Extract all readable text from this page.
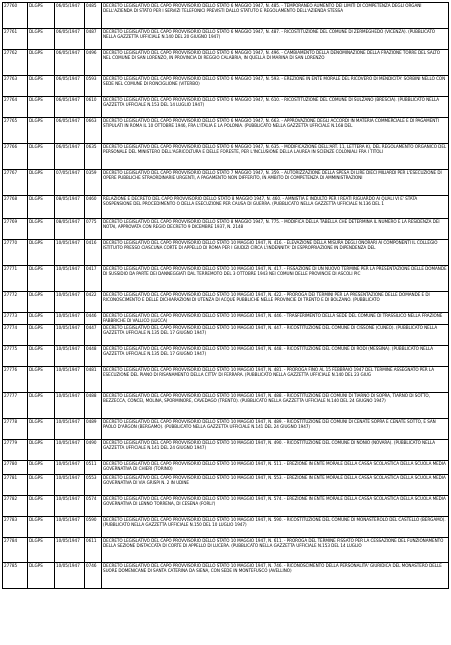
27760	DLGPS	06/05/1947	0485	DECRETO LEGISLATIVO DEL CAPO PROVVISORIO DELLO STATO 6 MAGGIO 1947, N. 485. - TEMPORANEO AUMENTO DEI LIMITI DI COMPETENZA DEGLI ORGANI DELL'AZIENDA DI STATO PER I SERVIZI TELEFONICI PREVISTI DALLO STATUTO E REGOLAMENTO DELL'AZIENDA STESSA
27761	DLGPS	06/05/1947	0487	DECRETO LEGISLATIVO DEL CAPO PROVVISORIO DELLO STATO 6 MAGGIO 1947, N. 487. - RICOSTITUZIONE DEL COMUNE DI ZERMEGHEDO (VICENZA). (PUBBLICATO NELLA GAZZETTA UFFICIALE N.140 DEL 20 GIUGNO 1947)
27762	DLGPS	06/05/1947	0496	DECRETO LEGISLATIVO DEL CAPO PROVVISORIO DELLO STATO 6 MAGGIO 1947, N. 496. - CAMBIAMENTO DELLA DENOMINAZIONE DELLA FRAZIONE TORRE DEL SALTO NEL COMUNE DI SAN LORENZO, IN PROVINCIA DI REGGIO CALABRIA, IN QUELLA DI MARINA DI SAN LORENZO
27763	DLGPS	06/05/1947	0593	DECRETO LEGISLATIVO DEL CAPO PROVVISORIO DELLO STATO 6 MAGGIO 1947, N. 593. - EREZIONE IN ENTE MORALE DEL RICOVERO DI MENDICITA' SORBINI NELLO CON SEDE NEL COMUNE DI RONCIGLIONE (VITERBO)
27764	DLGPS	06/05/1947	0610	DECRETO LEGISLATIVO DEL CAPO PROVVISORIO DELLO STATO 6 MAGGIO 1947, N. 610. - RICOSTITUZIONE DEL COMUNE DI SULZANO (BRESCIA). (PUBBLICATO NELLA GAZZETTA UFFICIALE N.153 DEL 14 LUGLIO 1947)
27765	DLGPS	06/05/1947	0663	DECRETO LEGISLATIVO DEL CAPO PROVVISORIO DELLO STATO 6 MAGGIO 1947, N. 663. - APPROVAZIONE DEGLI ACCORDI IN MATERIA COMMERCIALE E DI PAGAMENTI STIPULATI IN ROMA IL 10 OTTOBRE 1946, FRA L'ITALIA E LA POLONIA. (PUBBLICATO NELLA GAZZETTA UFFICIALE N.168 DEL
27766	DLGPS	06/05/1947	0635	DECRETO LEGISLATIVO DEL CAPO PROVVISORIO DELLO STATO 6 MAGGIO 1947, N. 635. - MODIFICAZIONE DELL'ART. 11, LETTERA K), DEL REGOLAMENTO ORGANICO DEL PERSONALE DEL MINISTERO DELL'AGRICOLTURA E DELLE FORESTE, PER L'INCLUSIONE DELLA LAUREA IN SCIENZE COLONIALI FRA I TITOLI
27767	DLGPS	07/05/1947	0359	DECRETO LEGISLATIVO DEL CAPO PROVVISORIO DELLO STATO 7 MAGGIO 1947, N. 359. - AUTORIZZAZIONE DELLA SPESA DI LIRE DIECI MILIARDI PER L'ESECUZIONE DI OPERE PUBBLICHE STRAORDINARIE URGENTI, A PAGAMENTO NON DIFFERITO, IN AMBITO DI COMPETENZA DI AMMINISTRAZIONI
27768	DLGPS	08/05/1947	0460	RELAZIONE E DECRETO DEL CAPO PROVVISORIO DELLO STATO 8 MAGGIO 1947, N. 460. - AMNISTIA E INDULTO PER I REATI RIGUARDO AI QUALI VI E' STATA SOSPENSIONE DEL PROCEDIMENTO O DELLA ESECUZIONE PER CAUSA DI GUERRA. (PUBBLICATO NELLA GAZZETTA UFFICIALE N.136 DEL 1
27769	DLGPS	08/05/1947	0775	DECRETO LEGISLATIVO DEL CAPO PROVVISORIO DELLO STATO 8 MAGGIO 1947, N. 775. - MODIFICA DELLA TABELLA CHE DETERMINA IL NUMERO E LA RESIDENZA DEI NOTAI, APPROVATA CON REGIO DECRETO 9 DICEMBRE 1937, N. 2148
27770	DLGPS	10/05/1947	0416	DECRETO LEGISLATIVO DEL CAPO PROVVISORIO DELLO STATO 10 MAGGIO 1947, N. 416. - ELEVAZIONE DELLA MISURA DEGLI ONORARI AI COMPONENTI IL COLLEGIO ISTITUITO PRESSO CIASCUNA CORTE DI APPELLO DI ROMA PER I GIUDIZI CIRCA L'INDENNITA' DI ESPROPRIAZIONE IN DIPENDENZA DEL
27771	DLGPS	10/05/1947	0417	DECRETO LEGISLATIVO DEL CAPO PROVVISORIO DELLO STATO 10 MAGGIO 1947, N. 417. - FISSAZIONE DI UN NUOVO TERMINE PER LA PRESENTAZIONE DELLE DOMANDE DI SUSSIDIO DA PARTE DEI DANNEGGIATI DAL TERREMOTO DEL 3 OTTOBRE 1943 NEI COMUNI DELLE PROVINCIE DI ASCOLI PIC
27772	DLGPS	10/05/1947	0422	DECRETO LEGISLATIVO DEL CAPO PROVVISORIO DELLO STATO 10 MAGGIO 1947, N. 422. - PROROGA DEI TERMINI PER LA PRESENTAZIONE DELLE DOMANDE E DI RICONOSCIMENTO E DELLE DICHIARAZIONI DI UTENZA DI ACQUE PUBBLICHE NELLE PROVINCIE DI TRENTO E DI BOLZANO. (PUBBLICATO
27773	DLGPS	10/05/1947	0446	DECRETO LEGISLATIVO DEL CAPO PROVVISORIO DELLO STATO 10 MAGGIO 1947, N. 446. - TRASFERIMENTO DELLA SEDE DEL COMUNE DI TRASSILICO NELLA FRAZIONE FABBRICHE DI VALLICO (LUCCA)
27774	DLGPS	10/05/1947	0447	DECRETO LEGISLATIVO DEL CAPO PROVVISORIO DELLO STATO 10 MAGGIO 1947, N. 447. - RICOSTITUZIONE DEL COMUNE DI CISSONE (CUNEO). (PUBBLICATO NELLA GAZZETTA UFFICIALE N.135 DEL 17 GIUGNO 1947)
27775	DLGPS	10/05/1947	0448	DECRETO LEGISLATIVO DEL CAPO PROVVISORIO DELLO STATO 10 MAGGIO 1947, N. 448. - RICOSTITUZIONE DEL COMUNE DI RODI (MESSINA). (PUBBLICATO NELLA GAZZETTA UFFICIALE N.135 DEL 17 GIUGNO 1947)
27776	DLGPS	10/05/1947	0481	DECRETO LEGISLATIVO DEL CAPO PROVVISORIO DELLO STATO 10 MAGGIO 1947, N. 481. - PROROGA FINO AL 15 FEBBRAIO 1947 DEL TERMINE ASSEGNATO PER LA ESECUZIONE DEL PIANO DI RISANAMENTO DELLA CITTA' DI FERRARA. (PUBBLICATO NELLA GAZZETTA UFFICIALE N.140 DEL 23 GIUG
27777	DLGPS	10/05/1947	0488	DECRETO LEGISLATIVO DEL CAPO PROVVISORIO DELLO STATO 10 MAGGIO 1947, N. 488. - RICOSTITUZIONE DEI COMUNI DI TIARNO DI SOPRA, TIARNO DI SOTTO, BEZZECCA, CONCEI, MOLINA, SPORMINORE, CAVEDAGO (TRENTO). (PUBBLICATO NELLA GAZZETTA UFFICIALE N.140 DEL 24 GIUGNO 1947)
27778	DLGPS	10/05/1947	0489	DECRETO LEGISLATIVO DEL CAPO PROVVISORIO DELLO STATO 10 MAGGIO 1947, N. 489. - RICOSTITUZIONE DEI COMUNI DI CENATE SOPRA E CENATE SOTTO, E SAN PAOLO D'ARGON (BERGAMO). (PUBBLICATO NELLA GAZZETTA UFFICIALE N.141 DEL 24 GIUGNO 1947)
27779	DLGPS	10/05/1947	0490	DECRETO LEGISLATIVO DEL CAPO PROVVISORIO DELLO STATO 10 MAGGIO 1947, N. 490. - RICOSTITUZIONE DEL COMUNE DI NONIO (NOVARA). (PUBBLICATO NELLA GAZZETTA UFFICIALE N.141 DEL 24 GIUGNO 1947)
27780	DLGPS	10/05/1947	0511	DECRETO LEGISLATIVO DEL CAPO PROVVISORIO DELLO STATO 10 MAGGIO 1947, N. 511. - EREZIONE IN ENTE MORALE DELLA CASSA SCOLASTICA DELLA SCUOLA MEDIA GOVERNATIVA DI CHIERI (TORINO)
27781	DLGPS	10/05/1947	0553	DECRETO LEGISLATIVO DEL CAPO PROVVISORIO DELLO STATO 10 MAGGIO 1947, N. 553. - EREZIONE IN ENTE MORALE DELLA CASSA SCOLASTICA DELLA SCUOLA MEDIA GOVERNATIVA DI VIA GRISPI N. 2 IN UDINE
27782	DLGPS	10/05/1947	0574	DECRETO LEGISLATIVO DEL CAPO PROVVISORIO DELLO STATO 10 MAGGIO 1947, N. 574. - EREZIONE IN ENTE MORALE DELLA CASSA SCOLASTICA DELLA SCUOLA MEDIA GOVERNATIVA DI LENNO TORRENA, DI CESENA (FORLI')
27783	DLGPS	10/05/1947	0590	DECRETO LEGISLATIVO DEL CAPO PROVVISORIO DELLO STATO 10 MAGGIO 1947, N. 590. - RICOSTITUZIONE DEL COMUNE DI MONASTEROLO DEL CASTELLO (BERGAMO). (PUBBLICATO NELLA GAZZETTA UFFICIALE N.150 DEL 10 LUGLIO 1947)
27784	DLGPS	10/05/1947	0611	DECRETO LEGISLATIVO DEL CAPO PROVVISORIO DELLO STATO 10 MAGGIO 1947, N. 611. - PROROGA DEL TERMINE FISSATO PER LA CESSAZIONE DEL FUNZIONAMENTO DELLA SEZIONE DISTACCATA DI CORTE DI APPELLO DI LUCERA. (PUBBLICATO NELLA GAZZETTA UFFICIALE N.153 DEL 14 LUGLIO
27785	DLGPS	10/05/1947	0746	DECRETO LEGISLATIVO DEL CAPO PROVVISORIO DELLO STATO 10 MAGGIO 1947, N. 746. - RICONOSCIMENTO DELLA PERSONALITA' GIURIDICA DEL MONASTERO DELLE SUORE DOMENICANE DI SANTA CATERINA DA SIENA, CON SEDE IN MONTEFUSCO (AVELLINO)
